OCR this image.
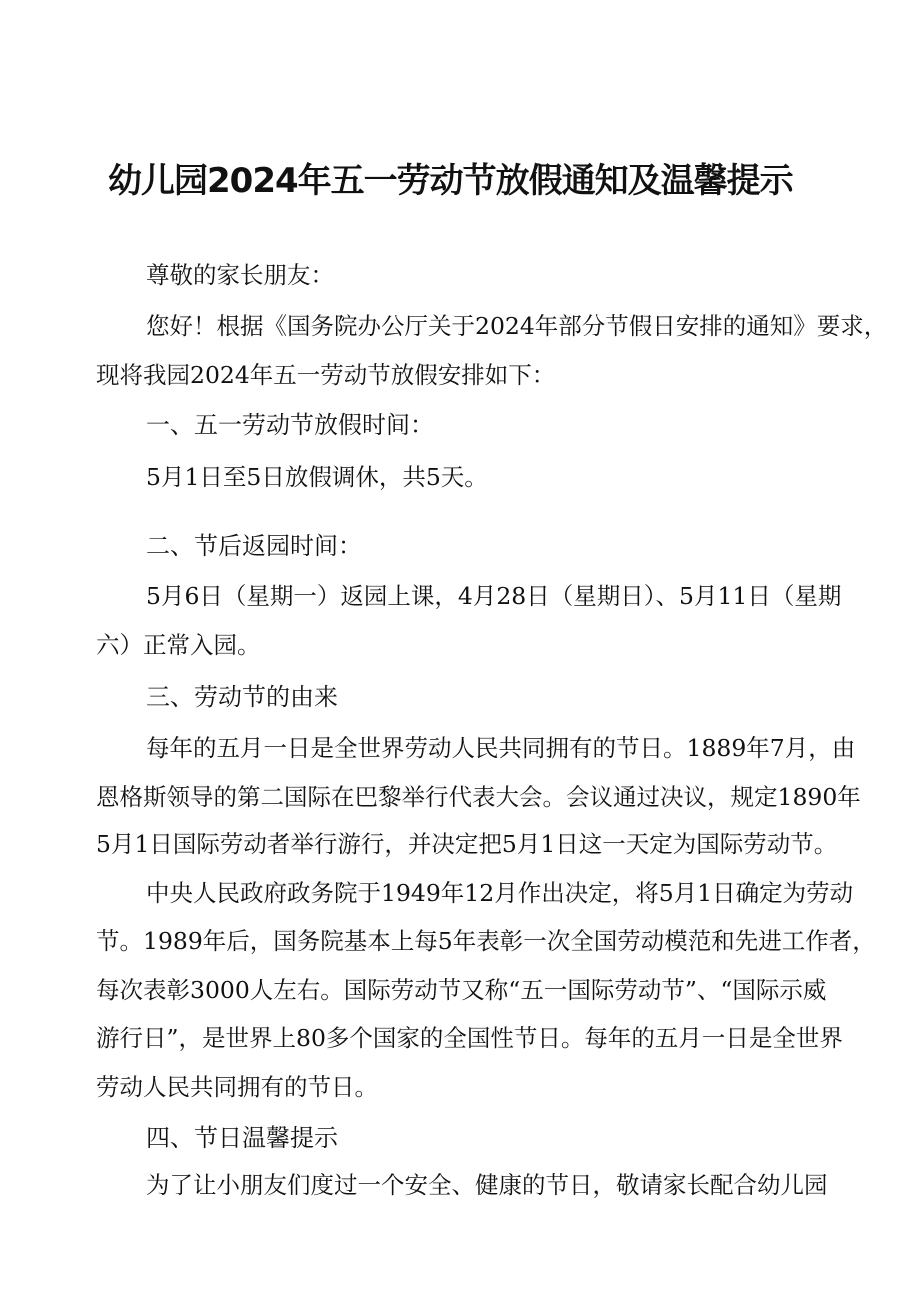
幼儿园2024年五一劳动节放假通知及温馨提示
尊敬的家长朋友：
您好！根据《国务院办公厅关于2024年部分节假日安排的通知》要求，
现将我园2024年五一劳动节放假安排如下：
一、五一劳动节放假时间：
5月1日至5日放假调休，共5天。
二、节后返园时间：
5月6日（星期一）返园上课，4月28日（星期日）、5月11日（星期
六）正常入园。
三、劳动节的由来
每年的五月一日是全世界劳动人民共同拥有的节日。1889年7月，由
恩格斯领导的第二国际在巴黎举行代表大会。会议通过决议，规定1890年
5月1日国际劳动者举行游行，并决定把5月1日这一天定为国际劳动节。
中央人民政府政务院于1949年12月作出决定，将5月1日确定为劳动
节。1989年后，国务院基本上每5年表彰一次全国劳动模范和先进工作者，
每次表彰3000人左右。国际劳动节又称“五一国际劳动节”、“国际示威
游行日”，是世界上80多个国家的全国性节日。每年的五月一日是全世界
劳动人民共同拥有的节日。
四、节日温馨提示
为了让小朋友们度过一个安全、健康的节日，敬请家长配合幼儿园
